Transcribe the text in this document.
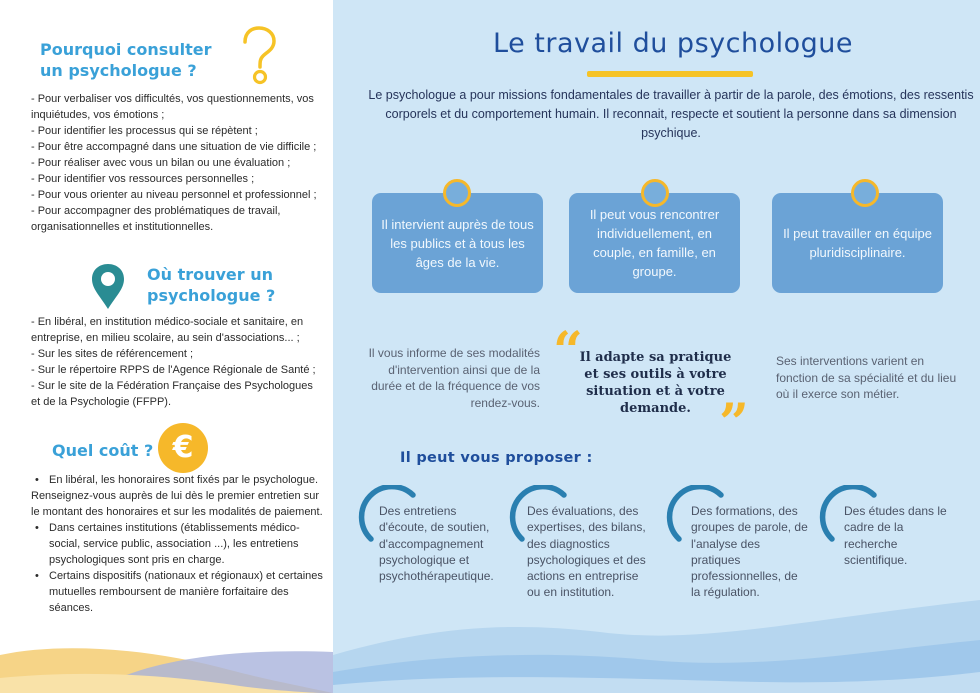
Pourquoi consulter un psychologue ?

- Pour verbaliser vos difficultés, vos questionnements, vos inquiétudes, vos émotions ;

- Pour identifier les processus qui se répètent ;

- Pour être accompagné dans une situation de vie difficile ;

- Pour réaliser avec vous un bilan ou une évaluation ;

- Pour identifier vos ressources personnelles ;

- Pour vous orienter au niveau personnel et professionnel ;

- Pour accompagner des problématiques de travail, organisationnelles et institutionnelles.

Où trouver un psychologue ?

- En libéral, en institution médico-sociale et sanitaire, en entreprise, en milieu scolaire, au sein d'associations... ;

- Sur les sites de référencement ;

- Sur le répertoire RPPS de l'Agence Régionale de Santé ;

- Sur le site de la Fédération Française des Psychologues et de la Psychologie (FFPP).

Quel coût ? €
• En libéral, les honoraires sont fixés par le psychologue.

Renseignez-vous auprès de lui dès le premier entretien sur le montant des honoraires et sur les modalités de paiement.

• Dans certaines institutions (établissements médico-social, service public, association ...), les entretiens psychologiques sont pris en charge.
• Certains dispositifs (nationaux et régionaux) et certaines mutuelles remboursent de manière forfaitaire des séances.
Le travail du psychologue
Le psychologue a pour missions fondamentales de travailler à partir de la parole, des émotions, des ressentis corporels et du comportement humain. Il reconnait, respecte et soutient la personne dans sa dimension psychique.
Il intervient auprès de tous les publics et à tous les âges de la vie.
Il peut vous rencontrer individuellement, en couple, en famille, en groupe.
Il peut travailler en équipe pluridisciplinaire.
Il vous informe de ses modalités d'intervention ainsi que de la durée et de la fréquence de vos rendez-vous.
“
Il adapte sa pratique et ses outils à votre situation et à votre demande. ”
Ses interventions varient en fonction de sa spécialité et du lieu où il exerce son métier.
Il peut vous proposer :
Des entretiens d'écoute, de soutien, d'accompagnement psychologique et psychothérapeutique.
Des évaluations, des expertises, des bilans, des diagnostics psychologiques et des actions en entreprise ou en institution.
Des formations, des groupes de parole, de l'analyse des pratiques professionnelles, de la régulation.
Des études dans le cadre de la recherche scientifique.
